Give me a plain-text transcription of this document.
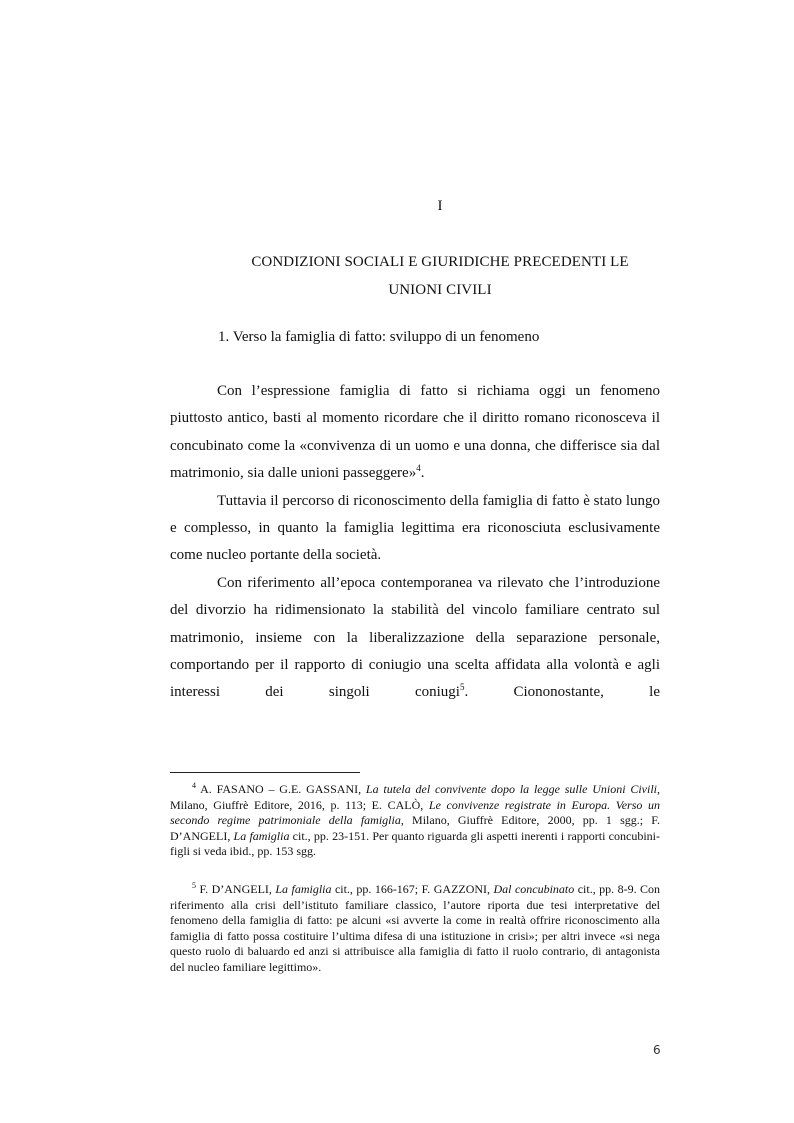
I
CONDIZIONI SOCIALI E GIURIDICHE PRECEDENTI LE
UNIONI CIVILI
1. Verso la famiglia di fatto: sviluppo di un fenomeno

Con l’espressione famiglia di fatto si richiama oggi un fenomeno piuttosto antico, basti al momento ricordare che il diritto romano riconosceva il concubinato come la «convivenza di un uomo e una donna, che differisce sia dal matrimonio, sia dalle unioni passeggere»$^4$.

Tuttavia il percorso di riconoscimento della famiglia di fatto è stato lungo e complesso, in quanto la famiglia legittima era riconosciuta esclusivamente come nucleo portante della società.

Con riferimento all’epoca contemporanea va rilevato che l’introduzione del divorzio ha ridimensionato la stabilità del vincolo familiare centrato sul matrimonio, insieme con la liberalizzazione della separazione personale, comportando per il rapporto di coniugio una scelta affidata alla volontà e agli interessi dei singoli coniugi$^5$. Ciononostante, le

$^4$ A. FASANO – G.E. GASSANI, La tutela del convivente dopo la legge sulle Unioni Civili, Milano, Giuffrè Editore, 2016, p. 113; E. CALÒ, Le convivenze registrate in Europa. Verso un secondo regime patrimoniale della famiglia, Milano, Giuffrè Editore, 2000, pp. 1 sgg.; F. D’ANGELI, La famiglia cit., pp. 23-151. Per quanto riguarda gli aspetti inerenti i rapporti concubini-figli si veda ibid., pp. 153 sgg.

$^5$ F. D’ANGELI, La famiglia cit., pp. 166-167; F. GAZZONI, Dal concubinato cit., pp. 8-9. Con riferimento alla crisi dell’istituto familiare classico, l’autore riporta due tesi interpretative del fenomeno della famiglia di fatto: pe alcuni «si avverte la come in realtà offrire riconoscimento alla famiglia di fatto possa costituire l’ultima difesa di una istituzione in crisi»; per altri invece «si nega questo ruolo di baluardo ed anzi si attribuisce alla famiglia di fatto il ruolo contrario, di antagonista del nucleo familiare legittimo».

6
